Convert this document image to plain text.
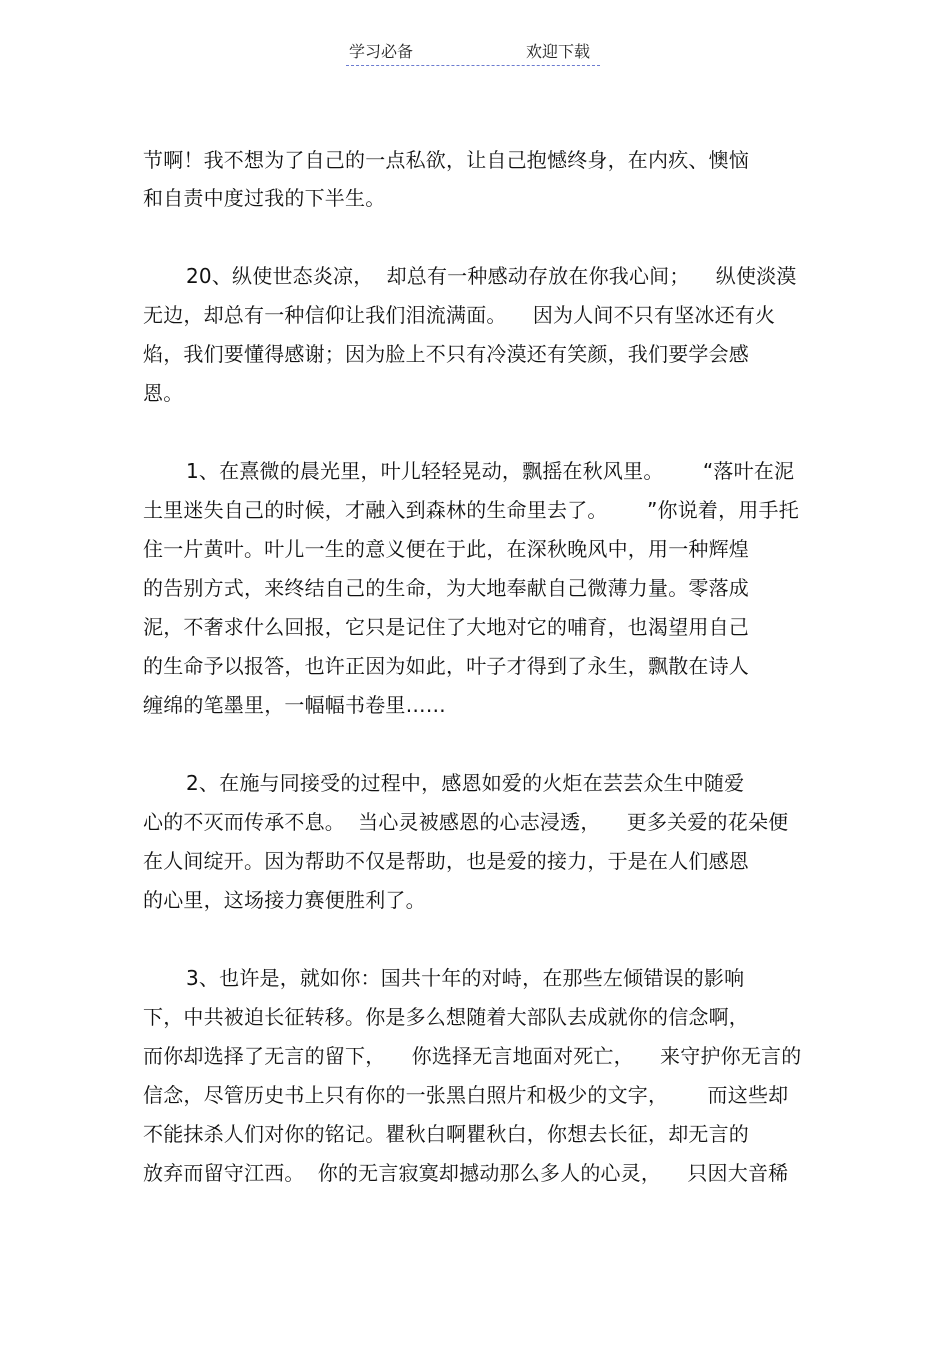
学习必备	欢迎下载
节啊！我不想为了自己的一点私欲，让自己抱憾终身，在内疚、懊恼
和自责中度过我的下半生。
20、纵使世态炎凉，  却总有一种感动存放在你我心间；    纵使淡漠
无边，却总有一种信仰让我们泪流满面。    因为人间不只有坚冰还有火
焰，我们要懂得感谢；因为脸上不只有冷漠还有笑颜，我们要学会感
恩。
1、在熹微的晨光里，叶儿轻轻晃动，飘摇在秋风里。      “落叶在泥
土里迷失自己的时候，才融入到森林的生命里去了。      ”你说着，用手托
住一片黄叶。叶儿一生的意义便在于此，在深秋晚风中，用一种辉煌
的告别方式，来终结自己的生命，为大地奉献自己微薄力量。零落成
泥，不奢求什么回报，它只是记住了大地对它的哺育，也渴望用自己
的生命予以报答，也许正因为如此，叶子才得到了永生，飘散在诗人
缠绵的笔墨里，一幅幅书卷里……
2、在施与同接受的过程中，感恩如爱的火炬在芸芸众生中随爱
心的不灭而传承不息。  当心灵被感恩的心志浸透，    更多关爱的花朵便
在人间绽开。因为帮助不仅是帮助，也是爱的接力，于是在人们感恩
的心里，这场接力赛便胜利了。
3、也许是，就如你：国共十年的对峙，在那些左倾错误的影响
下，中共被迫长征转移。你是多么想随着大部队去成就你的信念啊，
而你却选择了无言的留下，    你选择无言地面对死亡，    来守护你无言的
信念，尽管历史书上只有你的一张黑白照片和极少的文字，      而这些却
不能抹杀人们对你的铭记。瞿秋白啊瞿秋白，你想去长征，却无言的
放弃而留守江西。  你的无言寂寞却撼动那么多人的心灵，    只因大音稀
